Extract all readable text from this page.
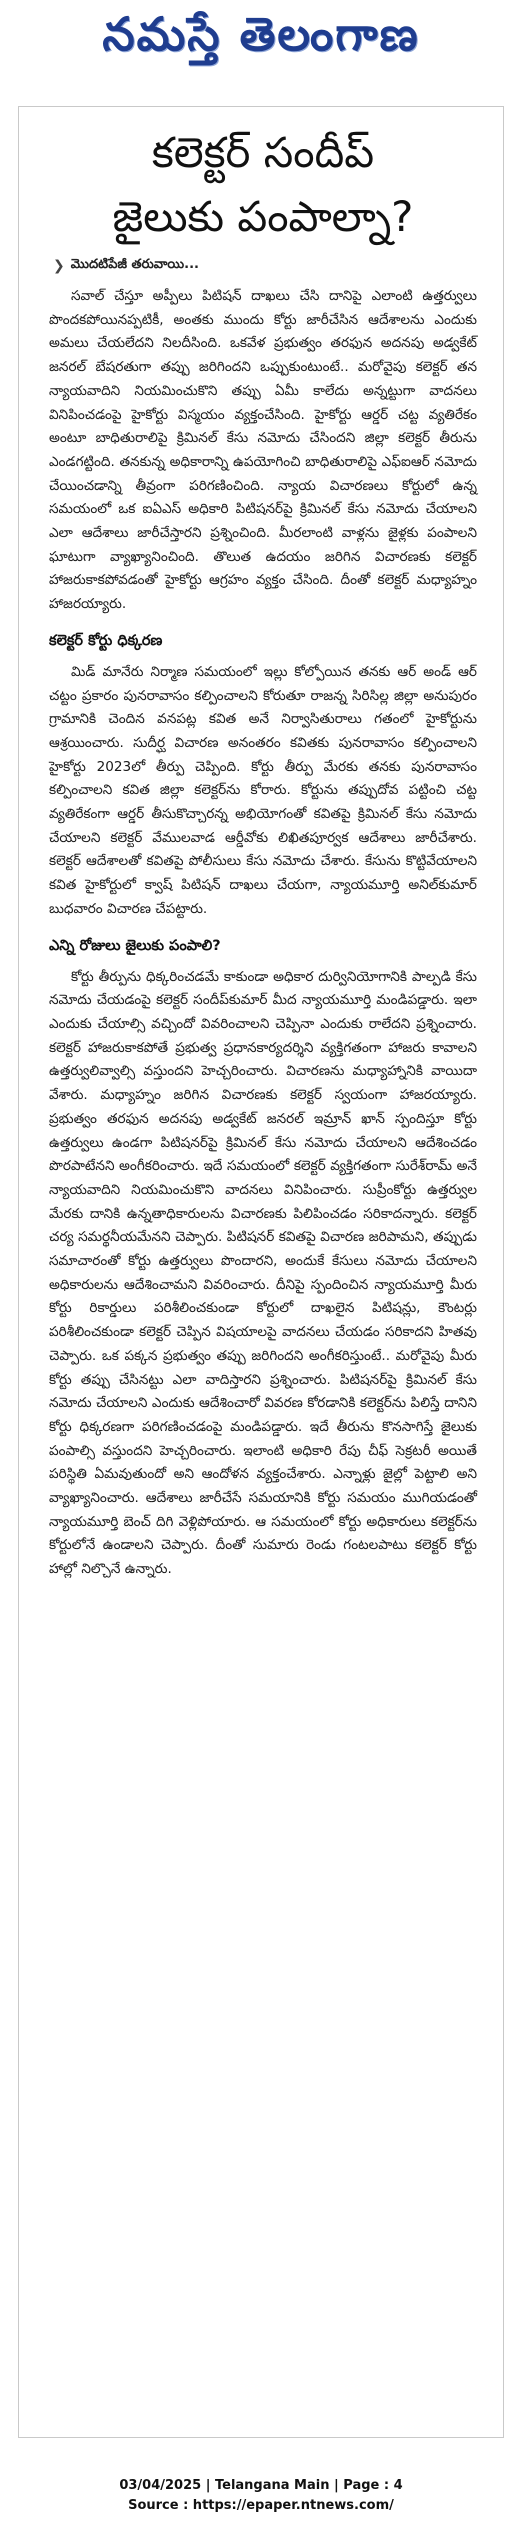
నమస్తే తెలంగాణ
కలెక్టర్ సందీప్
జైలుకు పంపాల్నా?
❯ మొదటిపేజీ తరువాయి...

సవాల్ చేస్తూ అప్పీలు పిటిషన్ దాఖలు చేసి దానిపై ఎలాంటి ఉత్తర్వులు పొందకపోయినప్పటికీ, అంతకు ముందు కోర్టు జారీచేసిన ఆదేశాలను ఎందుకు అమలు చేయలేదని నిలదీసింది. ఒకవేళ ప్రభుత్వం తరఫున అదనపు అడ్వకేట్ జనరల్ బేషరతుగా తప్పు జరిగిందని ఒప్పుకుంటుంటే.. మరోవైపు కలెక్టర్ తన న్యాయవాదిని నియమించుకొని తప్పు ఏమీ కాలేదు అన్నట్టుగా వాదనలు వినిపించడంపై హైకోర్టు విస్మయం వ్యక్తంచేసింది. హైకోర్టు ఆర్డర్ చట్ట వ్యతిరేకం అంటూ బాధితురాలిపై క్రిమినల్ కేసు నమోదు చేసిందని జిల్లా కలెక్టర్ తీరును ఎండగట్టింది. తనకున్న అధికారాన్ని ఉపయోగించి బాధితురాలిపై ఎఫ్ఐఆర్ నమోదు చేయించడాన్ని తీవ్రంగా పరిగణించింది. న్యాయ విచారణలు కోర్టులో ఉన్న సమయంలో ఒక ఐఏఎస్ అధికారి పిటిషనర్‌పై క్రిమినల్ కేసు నమోదు చేయాలని ఎలా ఆదేశాలు జారీచేస్తారని ప్రశ్నించింది. మీరలాంటి వాళ్లను జైళ్లకు పంపాలని ఘాటుగా వ్యాఖ్యానించింది. తొలుత ఉదయం జరిగిన విచారణకు కలెక్టర్ హాజరుకాకపోవడంతో హైకోర్టు ఆగ్రహం వ్యక్తం చేసింది. దీంతో కలెక్టర్ మధ్యాహ్నం హాజరయ్యారు.

కలెక్టర్ కోర్టు ధిక్కరణ

మిడ్ మానేరు నిర్మాణ సమయంలో ఇల్లు కోల్పోయిన తనకు ఆర్ అండ్ ఆర్ చట్టం ప్రకారం పునరావాసం కల్పించాలని కోరుతూ రాజన్న సిరిసిల్ల జిల్లా అనుపురం గ్రామానికి చెందిన వనపట్ల కవిత అనే నిర్వాసితురాలు గతంలో హైకోర్టును ఆశ్రయించారు. సుదీర్ఘ విచారణ అనంతరం కవితకు పునరావాసం కల్పించాలని హైకోర్టు 2023లో తీర్పు చెప్పింది. కోర్టు తీర్పు మేరకు తనకు పునరావాసం కల్పించాలని కవిత జిల్లా కలెక్టర్‌ను కోరారు. కోర్టును తప్పుదోవ పట్టించి చట్ట వ్యతిరేకంగా ఆర్డర్ తీసుకొచ్చారన్న అభియోగంతో కవితపై క్రిమినల్ కేసు నమోదు చేయాలని కలెక్టర్ వేములవాడ ఆర్డీవోకు లిఖితపూర్వక ఆదేశాలు జారీచేశారు. కలెక్టర్ ఆదేశాలతో కవితపై పోలీసులు కేసు నమోదు చేశారు. కేసును కొట్టివేయాలని కవిత హైకోర్టులో క్వాష్ పిటిషన్ దాఖలు చేయగా, న్యాయమూర్తి అనిల్‌కుమార్ బుధవారం విచారణ చేపట్టారు.

ఎన్ని రోజులు జైలుకు పంపాలి?

కోర్టు తీర్పును ధిక్కరించడమే కాకుండా అధికార దుర్వినియోగానికి పాల్పడి కేసు నమోదు చేయడంపై కలెక్టర్ సందీప్‌కుమార్ మీద న్యాయమూర్తి మండిపడ్డారు. ఇలా ఎందుకు చేయాల్సి వచ్చిందో వివరించాలని చెప్పినా ఎందుకు రాలేదని ప్రశ్నించారు. కలెక్టర్ హాజరుకాకపోతే ప్రభుత్వ ప్రధానకార్యదర్శిని వ్యక్తిగతంగా హాజరు కావాలని ఉత్తర్వులివ్వాల్సి వస్తుందని హెచ్చరించారు. విచారణను మధ్యాహ్నానికి వాయిదా వేశారు. మధ్యాహ్నం జరిగిన విచారణకు కలెక్టర్ స్వయంగా హాజరయ్యారు. ప్రభుత్వం తరఫున అదనపు అడ్వకేట్ జనరల్ ఇమ్రాన్ ఖాన్ స్పందిస్తూ కోర్టు ఉత్తర్వులు ఉండగా పిటిషనర్‌పై క్రిమినల్ కేసు నమోదు చేయాలని ఆదేశించడం పొరపాటేనని అంగీకరించారు. ఇదే సమయంలో కలెక్టర్ వ్యక్తిగతంగా సురేశ్‌రామ్ అనే న్యాయవాదిని నియమించుకొని వాదనలు వినిపించారు. సుప్రీంకోర్టు ఉత్తర్వుల మేరకు దానికి ఉన్నతాధికారులను విచారణకు పిలిపించడం సరికాదన్నారు. కలెక్టర్ చర్య సమర్థనీయమేనని చెప్పారు. పిటిషనర్ కవితపై విచారణ జరిపామని, తప్పుడు సమాచారంతో కోర్టు ఉత్తర్వులు పొందారని, అందుకే కేసులు నమోదు చేయాలని అధికారులను ఆదేశించామని వివరించారు. దీనిపై స్పందించిన న్యాయమూర్తి మీరు కోర్టు రికార్డులు పరిశీలించకుండా కోర్టులో దాఖలైన పిటిషన్లు, కౌంటర్లు పరిశీలించకుండా కలెక్టర్ చెప్పిన విషయాలపై వాదనలు చేయడం సరికాదని హితవు చెప్పారు. ఒక పక్కన ప్రభుత్వం తప్పు జరిగిందని అంగీకరిస్తుంటే.. మరోవైపు మీరు కోర్టు తప్పు చేసినట్టు ఎలా వాదిస్తారని ప్రశ్నించారు. పిటిషనర్‌పై క్రిమినల్ కేసు నమోదు చేయాలని ఎందుకు ఆదేశించారో వివరణ కోరడానికి కలెక్టర్‌ను పిలిస్తే దానిని కోర్టు ధిక్కరణగా పరిగణించడంపై మండిపడ్డారు. ఇదే తీరును కొనసాగిస్తే జైలుకు పంపాల్సి వస్తుందని హెచ్చరించారు. ఇలాంటి అధికారి రేపు చీఫ్ సెక్రటరీ అయితే పరిస్థితి ఏమవుతుందో అని ఆందోళన వ్యక్తంచేశారు. ఎన్నాళ్లు జైల్లో పెట్టాలి అని వ్యాఖ్యానించారు. ఆదేశాలు జారీచేసే సమయానికి కోర్టు సమయం ముగియడంతో న్యాయమూర్తి బెంచ్ దిగి వెళ్లిపోయారు. ఆ సమయంలో కోర్టు అధికారులు కలెక్టర్‌ను కోర్టులోనే ఉండాలని చెప్పారు. దీంతో సుమారు రెండు గంటలపాటు కలెక్టర్ కోర్టు హాల్లో నిల్చొనే ఉన్నారు.

03/04/2025 | Telangana Main | Page : 4
Source : https://epaper.ntnews.com/
